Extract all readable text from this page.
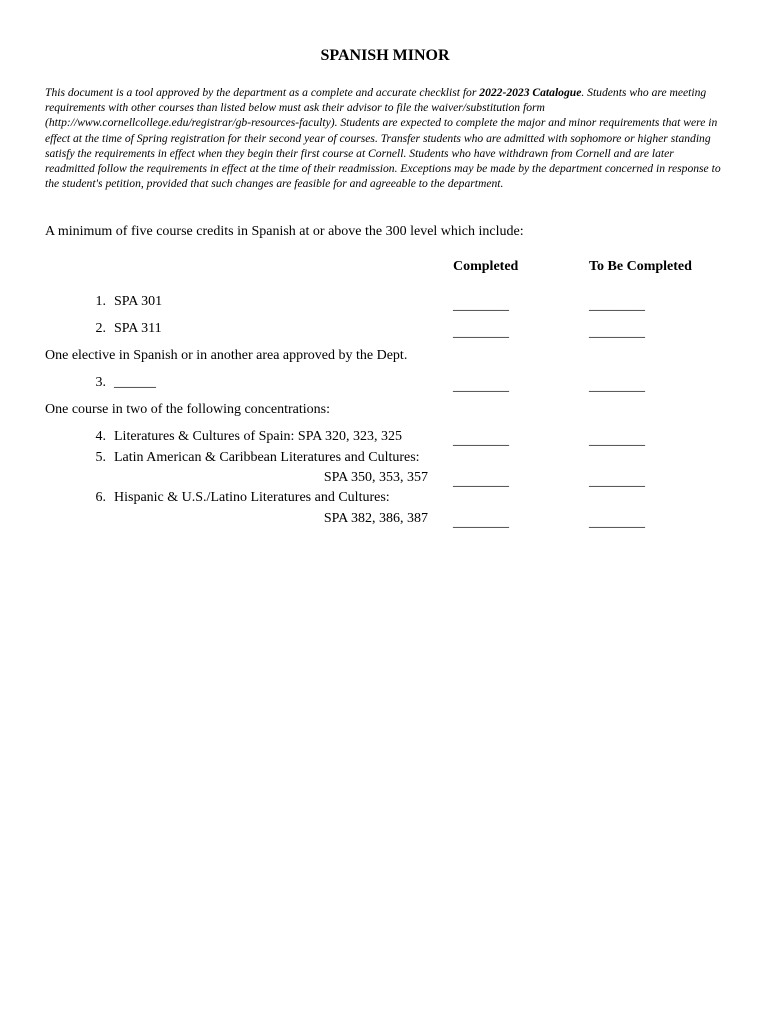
SPANISH MINOR
This document is a tool approved by the department as a complete and accurate checklist for 2022-2023 Catalogue. Students who are meeting requirements with other courses than listed below must ask their advisor to file the waiver/substitution form (http://www.cornellcollege.edu/registrar/gb-resources-faculty). Students are expected to complete the major and minor requirements that were in effect at the time of Spring registration for their second year of courses. Transfer students who are admitted with sophomore or higher standing satisfy the requirements in effect when they begin their first course at Cornell. Students who have withdrawn from Cornell and are later readmitted follow the requirements in effect at the time of their readmission. Exceptions may be made by the department concerned in response to the student's petition, provided that such changes are feasible for and agreeable to the department.
A minimum of five course credits in Spanish at or above the 300 level which include:
Completed	To Be Completed
1. SPA 301	________	________
2. SPA 311	________	________
One elective in Spanish or in another area approved by the Dept.
3. ______	________	________
One course in two of the following concentrations:
4. Literatures & Cultures of Spain: SPA 320, 323, 325	________	________
5. Latin American & Caribbean Literatures and Cultures:
SPA 350, 353, 357 ________	________
6. Hispanic & U.S./Latino Literatures and Cultures:
SPA 382, 386, 387 ________	________
